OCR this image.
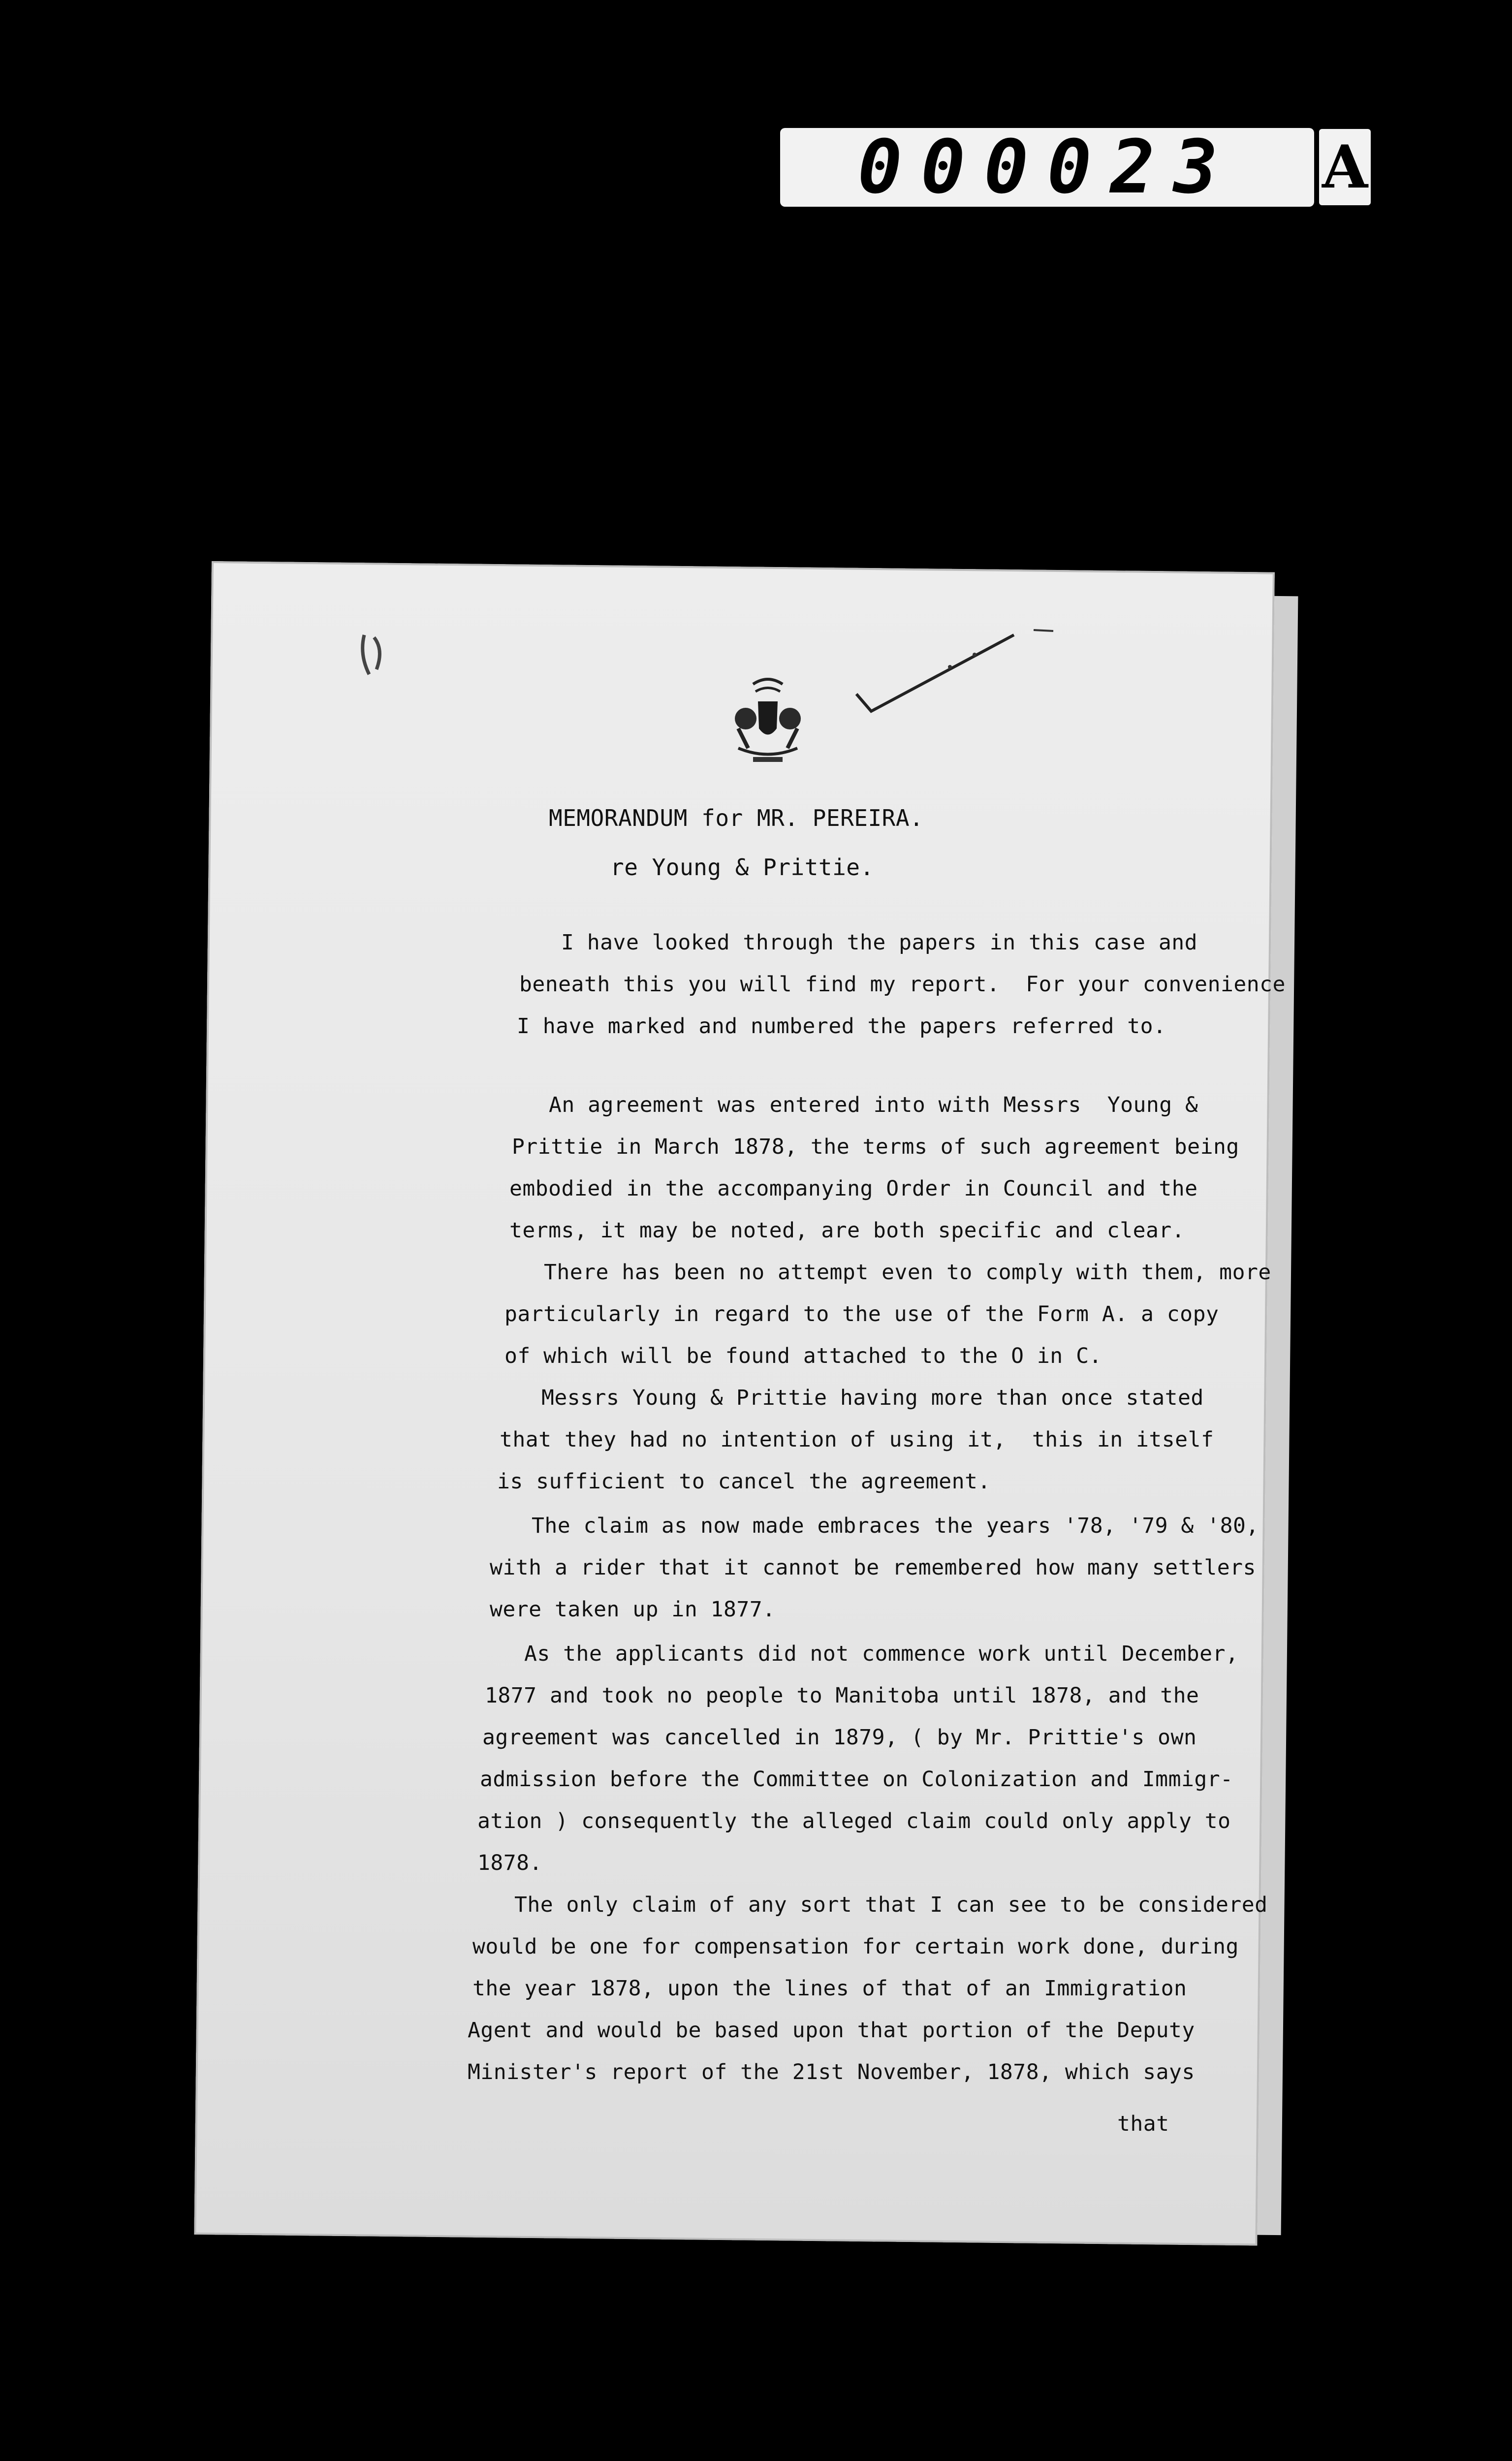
000023	A
MEMORANDUM for MR. PEREIRA.
re Young & Prittie.
I have looked through the papers in this case and
beneath this you will find my report.  For your convenience
I have marked and numbered the papers referred to.
An agreement was entered into with Messrs  Young &
Prittie in March 1878, the terms of such agreement being
embodied in the accompanying Order in Council and the
terms, it may be noted, are both specific and clear.
There has been no attempt even to comply with them, more
particularly in regard to the use of the Form A. a copy
of which will be found attached to the O in C.
Messrs Young & Prittie having more than once stated
that they had no intention of using it,  this in itself
is sufficient to cancel the agreement.
The claim as now made embraces the years '78, '79 & '80,
with a rider that it cannot be remembered how many settlers
were taken up in 1877.
As the applicants did not commence work until December,
1877 and took no people to Manitoba until 1878, and the
agreement was cancelled in 1879, ( by Mr. Prittie's own
admission before the Committee on Colonization and Immigr-
ation ) consequently the alleged claim could only apply to
1878.
The only claim of any sort that I can see to be considered
would be one for compensation for certain work done, during
the year 1878, upon the lines of that of an Immigration
Agent and would be based upon that portion of the Deputy
Minister's report of the 21st November, 1878, which says
that
